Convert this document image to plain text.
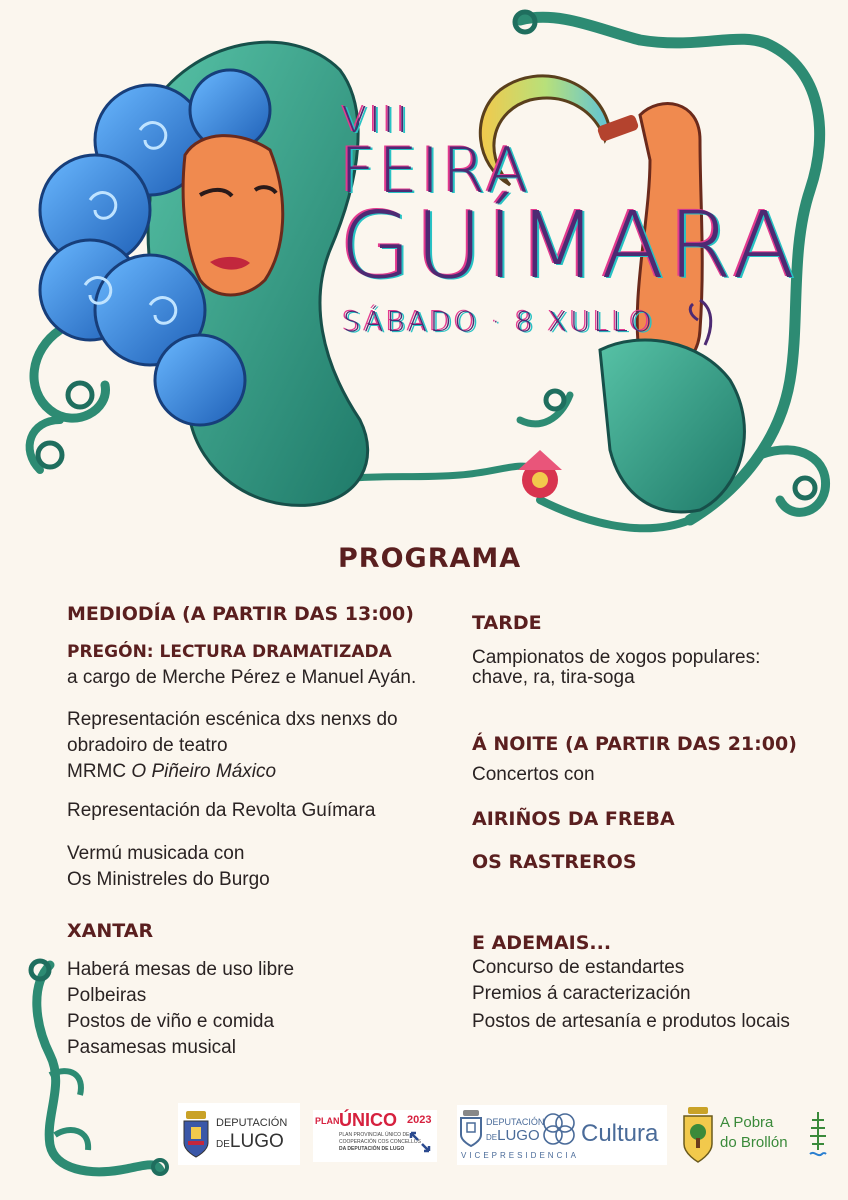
VIII
FEIRA
GUÍMARA
SÁBADO · 8 XULLO
PROGRAMA
MEDIODÍA (A PARTIR DAS 13:00)
PREGÓN: LECTURA DRAMATIZADA
a cargo de Merche Pérez e Manuel Ayán.
Representación escénica dxs nenxs do
obradoiro de teatro
MRMC O Piñeiro Máxico
Representación da Revolta Guímara
Vermú musicada con
Os Ministreles do Burgo
XANTAR
Haberá mesas de uso libre
Polbeiras
Postos de viño e comida
Pasamesas musical
TARDE
Campionatos de xogos populares:
chave, ra, tira-soga
Á NOITE (A PARTIR DAS 21:00)
Concertos con
AIRIÑOS DA FREBA
OS RASTREROS
E ADEMAIS...
Concurso de estandartes
Premios á caracterización
Postos de artesanía e produtos locais
DEPUTACIÓN
DELUGO
PLAN ÚNICO 2023
PLAN PROVINCIAL ÚNICO DE
COOPERACIÓN COS CONCELLOS
DA DEPUTACIÓN DE LUGO
DEPUTACIÓN
DELUGO Cultura
VICEPRESIDENCIA
A Pobra
do Brollón
